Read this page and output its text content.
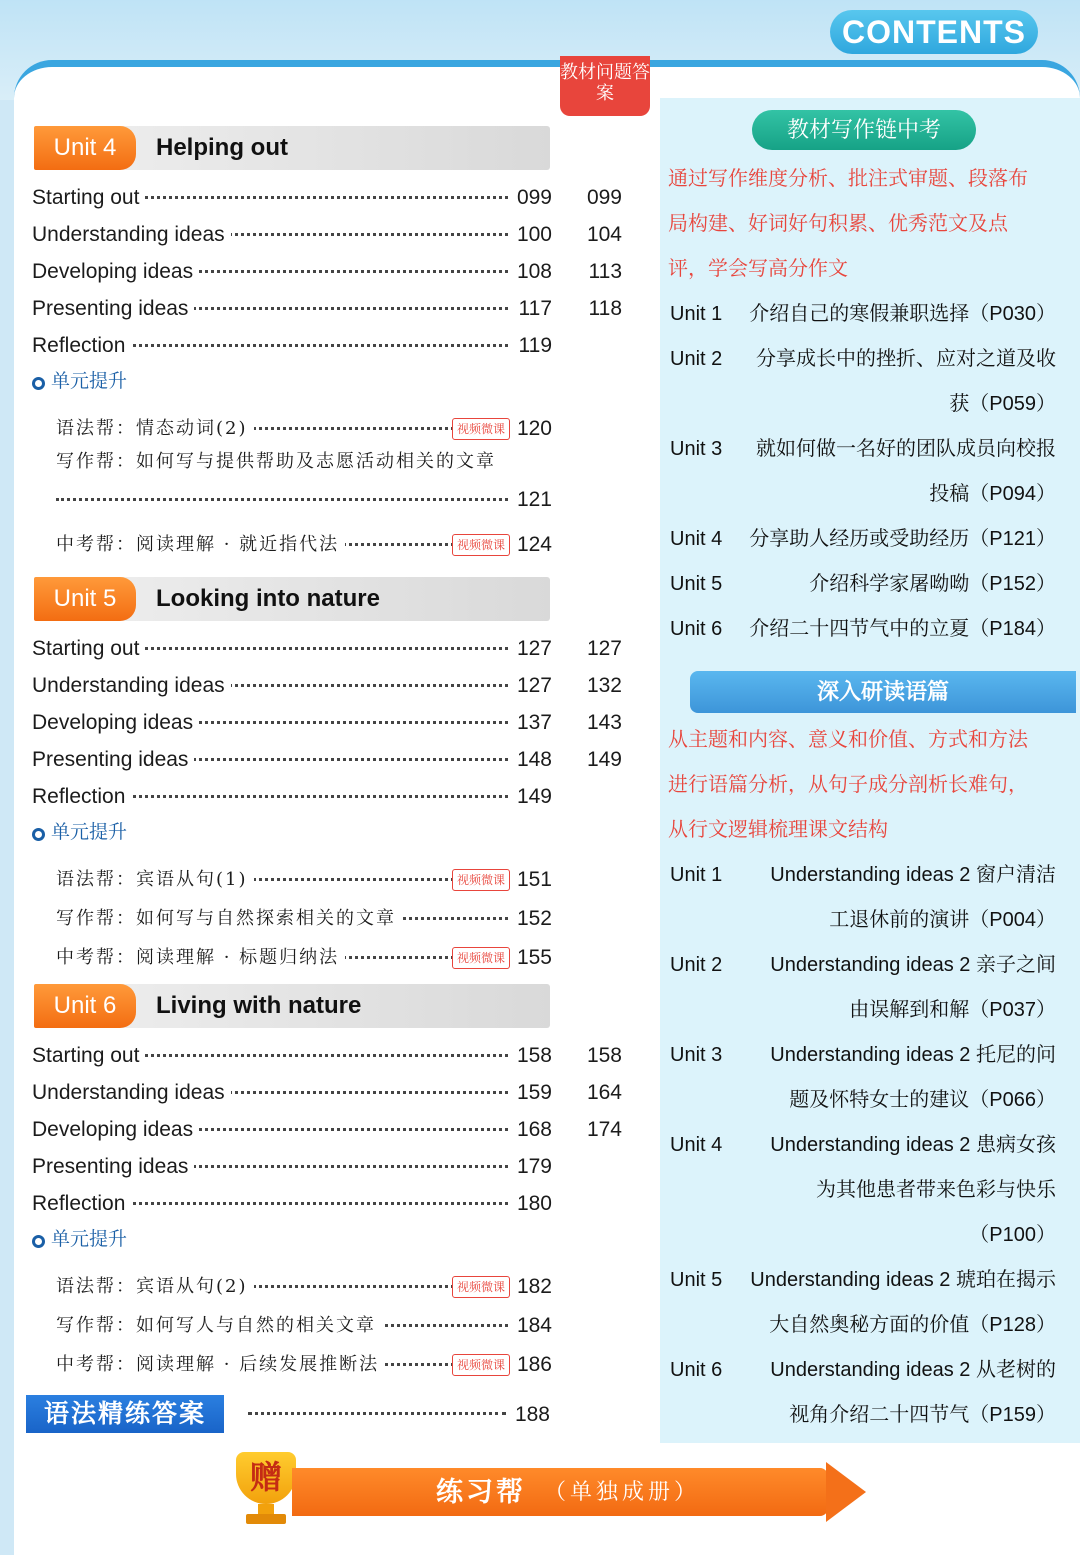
CONTENTS
教材问题答案
Unit 4	Helping out
Starting out	099	099
Understanding ideas	100	104
Developing ideas	108	113
Presenting ideas	117	118
Reflection	119
单元提升
语法帮：情态动词(2)	视频微课 120
写作帮：如何写与提供帮助及志愿活动相关的文章
121
中考帮：阅读理解 · 就近指代法	视频微课 124
Unit 5	Looking into nature
Starting out	127	127
Understanding ideas	127	132
Developing ideas	137	143
Presenting ideas	148	149
Reflection	149
单元提升
语法帮：宾语从句(1)	视频微课 151
写作帮：如何写与自然探索相关的文章	152
中考帮：阅读理解 · 标题归纳法	视频微课 155
Unit 6	Living with nature
Starting out	158	158
Understanding ideas	159	164
Developing ideas	168	174
Presenting ideas	179
Reflection	180
单元提升
语法帮：宾语从句(2)	视频微课 182
写作帮：如何写人与自然的相关文章	184
中考帮：阅读理解 · 后续发展推断法	视频微课 186
语法精练答案	188
教材写作链中考
深入研读语篇
通过写作维度分析、批注式审题、段落布
局构建、好词好句积累、优秀范文及点
评，学会写高分作文
Unit 1 介绍自己的寒假兼职选择（P030）
Unit 2 分享成长中的挫折、应对之道及收
获（P059）
Unit 3 就如何做一名好的团队成员向校报
投稿（P094）
Unit 4 分享助人经历或受助经历（P121）
Unit 5	介绍科学家屠呦呦（P152）
Unit 6 介绍二十四节气中的立夏（P184）
从主题和内容、意义和价值、方式和方法
进行语篇分析，从句子成分剖析长难句，
从行文逻辑梳理课文结构
Unit 1 Understanding ideas 2 窗户清洁
工退休前的演讲（P004）
Unit 2 Understanding ideas 2 亲子之间
由误解到和解（P037）
Unit 3 Understanding ideas 2 托尼的问
题及怀特女士的建议（P066）
Unit 4 Understanding ideas 2 患病女孩
为其他患者带来色彩与快乐
（P100）
Unit 5 Understanding ideas 2 琥珀在揭示
大自然奥秘方面的价值（P128）
Unit 6 Understanding ideas 2 从老树的
视角介绍二十四节气（P159）
赠	练习帮 （单独成册）
